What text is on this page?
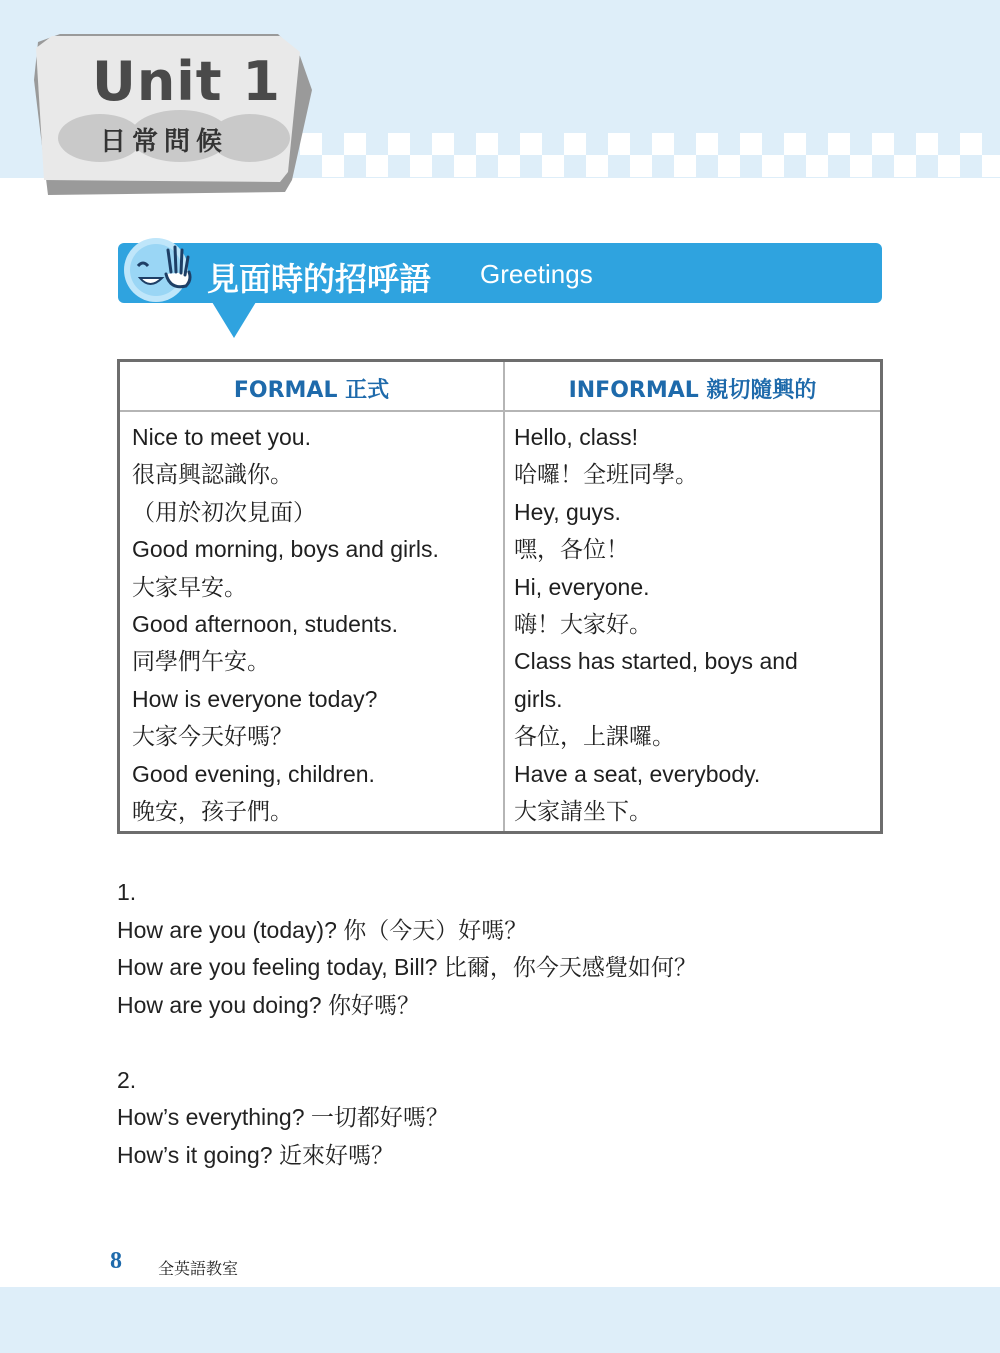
Unit 1
日常問候
見面時的招呼語 Greetings
FORMAL 正式	INFORMAL 親切隨興的
Nice to meet you.
很高興認識你。
（用於初次見面）
Good morning, boys and girls.
大家早安。
Good afternoon, students.
同學們午安。
How is everyone today?
大家今天好嗎？
Good evening, children.
晚安，孩子們。
Hello, class!
哈囉！全班同學。
Hey, guys.
嘿，各位！
Hi, everyone.
嗨！大家好。
Class has started, boys and
girls.
各位，上課囉。
Have a seat, everybody.
大家請坐下。
1.
How are you (today)? 你（今天）好嗎？
How are you feeling today, Bill? 比爾，你今天感覺如何？
How are you doing? 你好嗎？
2.
How’s everything? 一切都好嗎？
How’s it going? 近來好嗎？
8 全英語教室
